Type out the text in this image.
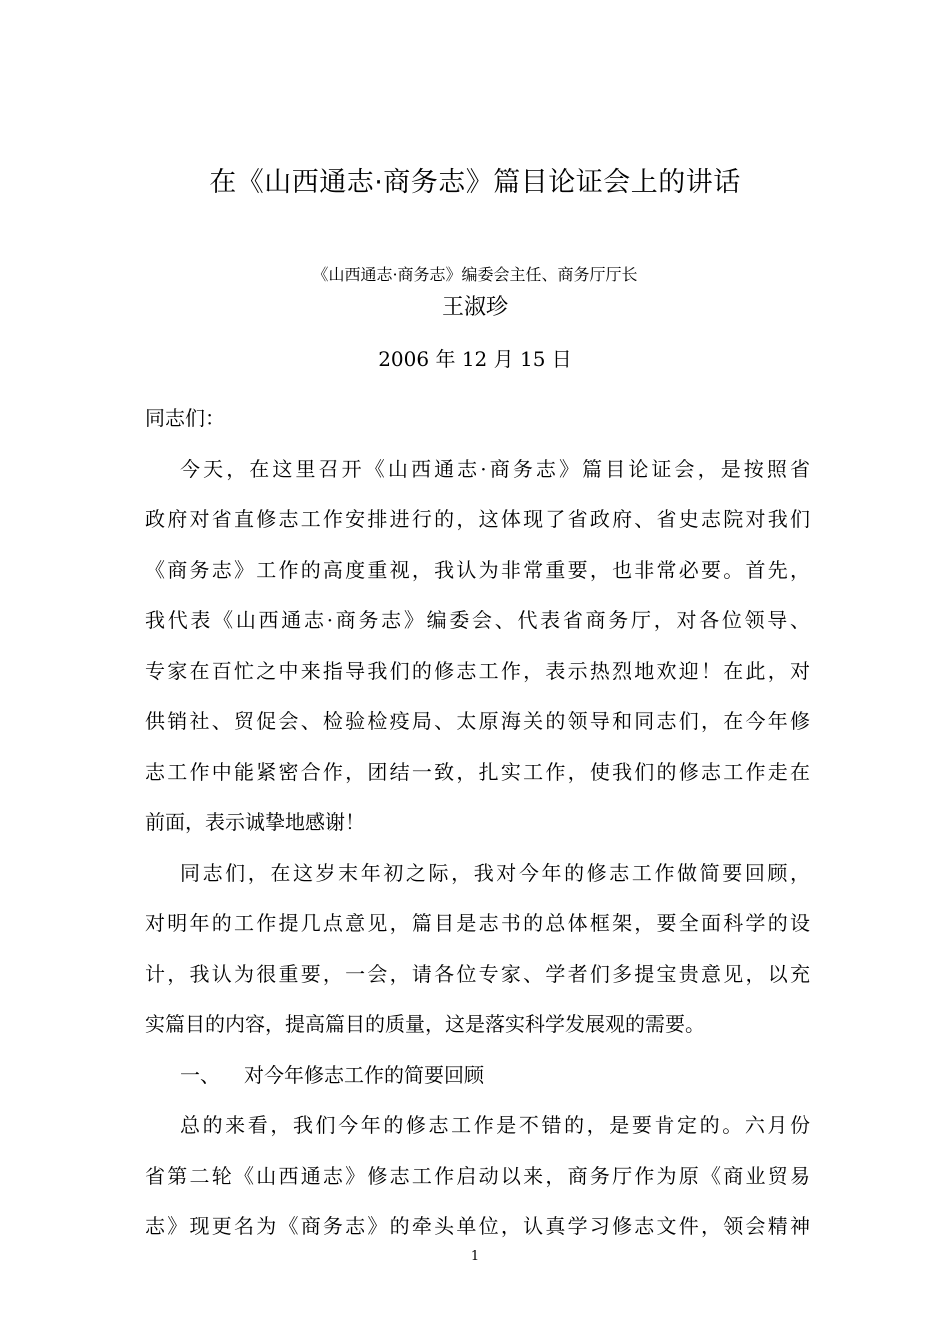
在《山西通志·商务志》篇目论证会上的讲话
《山西通志·商务志》编委会主任、商务厅厅长
王淑珍
2006 年 12 月 15 日
同志们：
今天，在这里召开《山西通志·商务志》篇目论证会，是按照省
政府对省直修志工作安排进行的，这体现了省政府、省史志院对我们
《商务志》工作的高度重视，我认为非常重要，也非常必要。首先，
我代表《山西通志·商务志》编委会、代表省商务厅，对各位领导、
专家在百忙之中来指导我们的修志工作，表示热烈地欢迎！在此，对
供销社、贸促会、检验检疫局、太原海关的领导和同志们，在今年修
志工作中能紧密合作，团结一致，扎实工作，使我们的修志工作走在
前面，表示诚挚地感谢！
同志们，在这岁末年初之际，我对今年的修志工作做简要回顾，
对明年的工作提几点意见，篇目是志书的总体框架，要全面科学的设
计，我认为很重要，一会，请各位专家、学者们多提宝贵意见，以充
实篇目的内容，提高篇目的质量，这是落实科学发展观的需要。
一、 对今年修志工作的简要回顾
总的来看，我们今年的修志工作是不错的，是要肯定的。六月份
省第二轮《山西通志》修志工作启动以来，商务厅作为原《商业贸易
志》现更名为《商务志》的牵头单位，认真学习修志文件，领会精神
1
